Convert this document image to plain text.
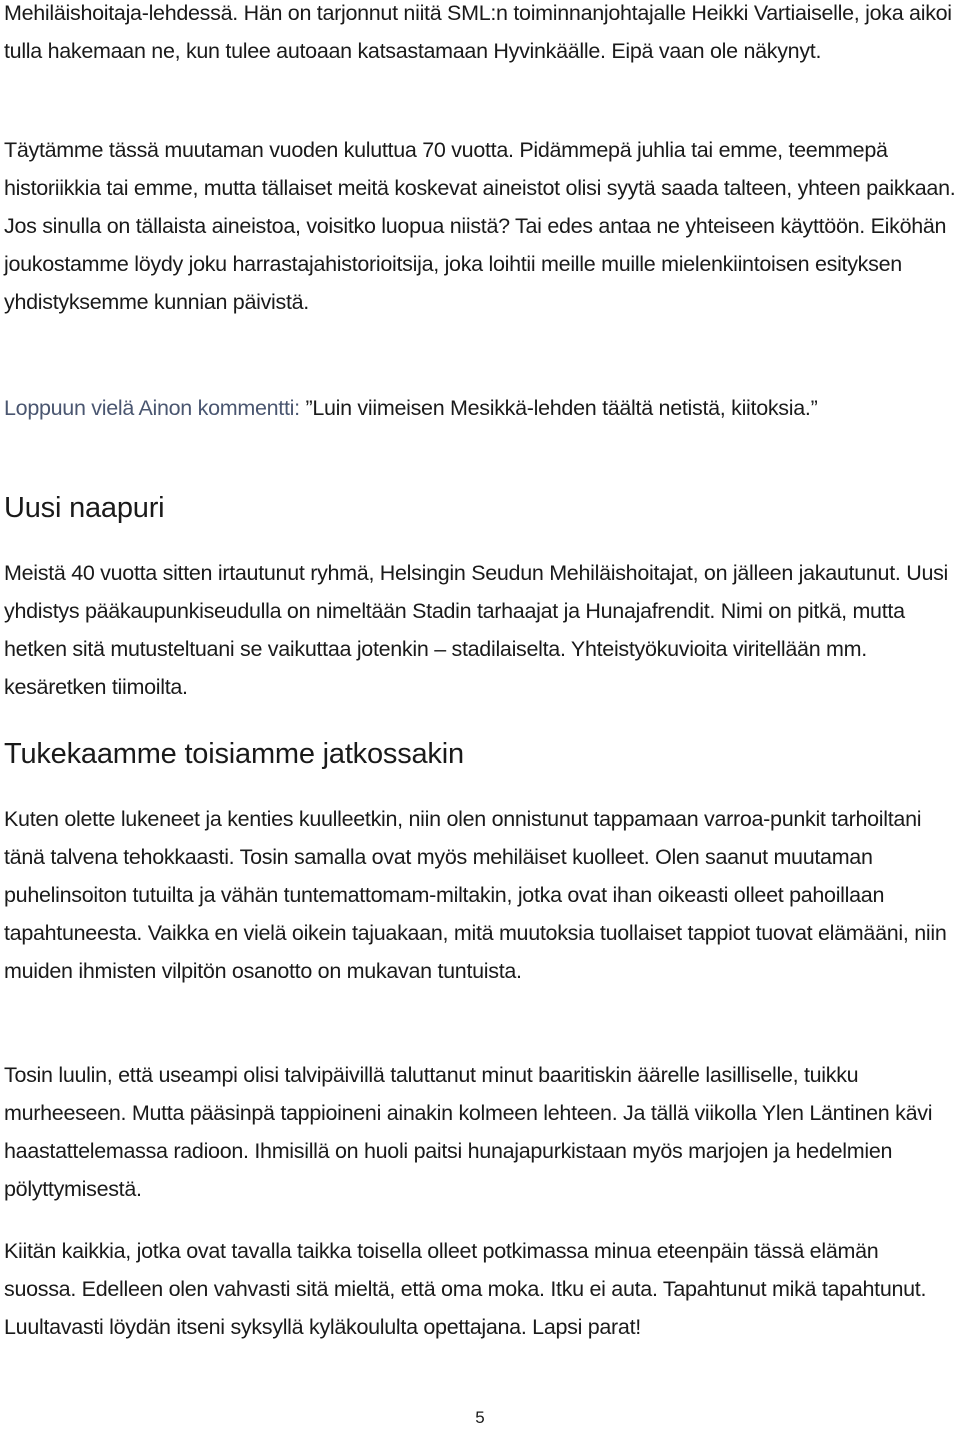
Mehiläishoitaja-lehdessä. Hän on tarjonnut niitä SML:n toiminnanjohtajalle Heikki Vartiaiselle, joka aikoi tulla hakemaan ne, kun tulee autoaan katsastamaan Hyvinkäälle. Eipä vaan ole näkynyt.

Täytämme tässä muutaman vuoden kuluttua 70 vuotta. Pidämmepä juhlia tai emme, teemmepä historiikkia tai emme, mutta tällaiset meitä koskevat aineistot olisi syytä saada talteen, yhteen paikkaan. Jos sinulla on tällaista aineistoa, voisitko luopua niistä? Tai edes antaa ne yhteiseen käyttöön. Eiköhän joukostamme löydy joku harrastajahistorioitsija, joka loihtii meille muille mielenkiintoisen esityksen yhdistyksemme kunnian päivistä.

Loppuun vielä Ainon kommentti: ”Luin viimeisen Mesikkä-lehden täältä netistä, kiitoksia.”

Uusi naapuri

Meistä 40 vuotta sitten irtautunut ryhmä, Helsingin Seudun Mehiläishoitajat, on jälleen jakautunut. Uusi yhdistys pääkaupunkiseudulla on nimeltään Stadin tarhaajat ja Hunajafrendit. Nimi on pitkä, mutta hetken sitä mutusteltuani se vaikuttaa jotenkin – stadilaiselta. Yhteistyökuvioita viritellään mm. kesäretken tiimoilta.

Tukekaamme toisiamme jatkossakin

Kuten olette lukeneet ja kenties kuulleetkin, niin olen onnistunut tappamaan varroa-punkit tarhoiltani tänä talvena tehokkaasti. Tosin samalla ovat myös mehiläiset kuolleet. Olen saanut muutaman puhelinsoiton tutuilta ja vähän tuntemattomam-miltakin, jotka ovat ihan oikeasti olleet pahoillaan tapahtuneesta. Vaikka en vielä oikein tajuakaan, mitä muutoksia tuollaiset tappiot tuovat elämääni, niin muiden ihmisten vilpitön osanotto on mukavan tuntuista.

Tosin luulin, että useampi olisi talvipäivillä taluttanut minut baaritiskin äärelle lasilliselle, tuikku murheeseen. Mutta pääsinpä tappioineni ainakin kolmeen lehteen. Ja tällä viikolla Ylen Läntinen kävi haastattelemassa radioon. Ihmisillä on huoli paitsi hunajapurkistaan myös marjojen ja hedelmien pölyttymisestä.

Kiitän kaikkia, jotka ovat tavalla taikka toisella olleet potkimassa minua eteenpäin tässä elämän suossa. Edelleen olen vahvasti sitä mieltä, että oma moka. Itku ei auta. Tapahtunut mikä tapahtunut. Luultavasti löydän itseni syksyllä kyläkoululta opettajana. Lapsi parat!

5
